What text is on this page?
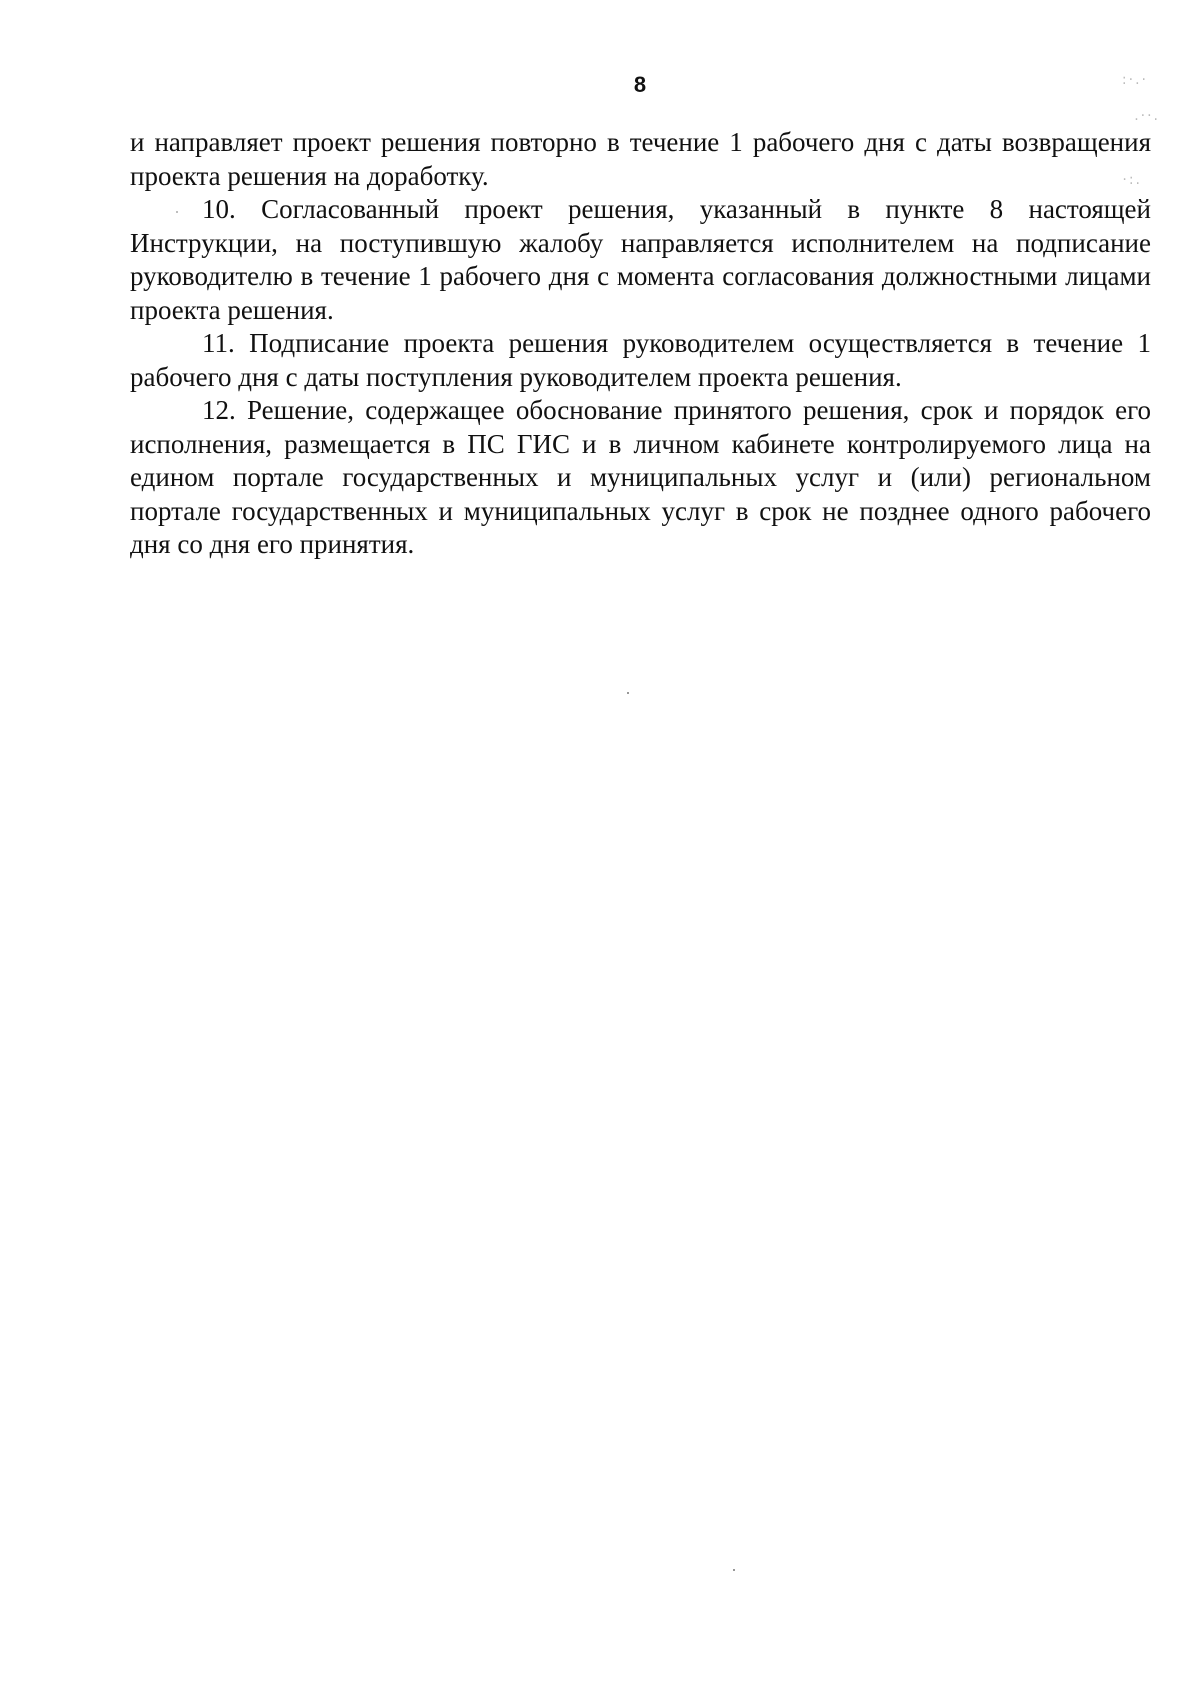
8

и направляет проект решения повторно в течение 1 рабочего дня с даты возвращения проекта решения на доработку.

10. Согласованный проект решения, указанный в пункте 8 настоящей Инструкции, на поступившую жалобу направляется исполнителем на подписание руководителю в течение 1 рабочего дня с момента согласования должностными лицами проекта решения.

11. Подписание проекта решения руководителем осуществляется в течение 1 рабочего дня с даты поступления руководителем проекта решения.

12. Решение, содержащее обоснование принятого решения, срок и порядок его исполнения, размещается в ПС ГИС и в личном кабинете контролируемого лица на едином портале государственных и муниципальных услуг и (или) региональном портале государственных и муниципальных услуг в срок не позднее одного рабочего дня со дня его принятия.

:·.·
.··.
·:.
